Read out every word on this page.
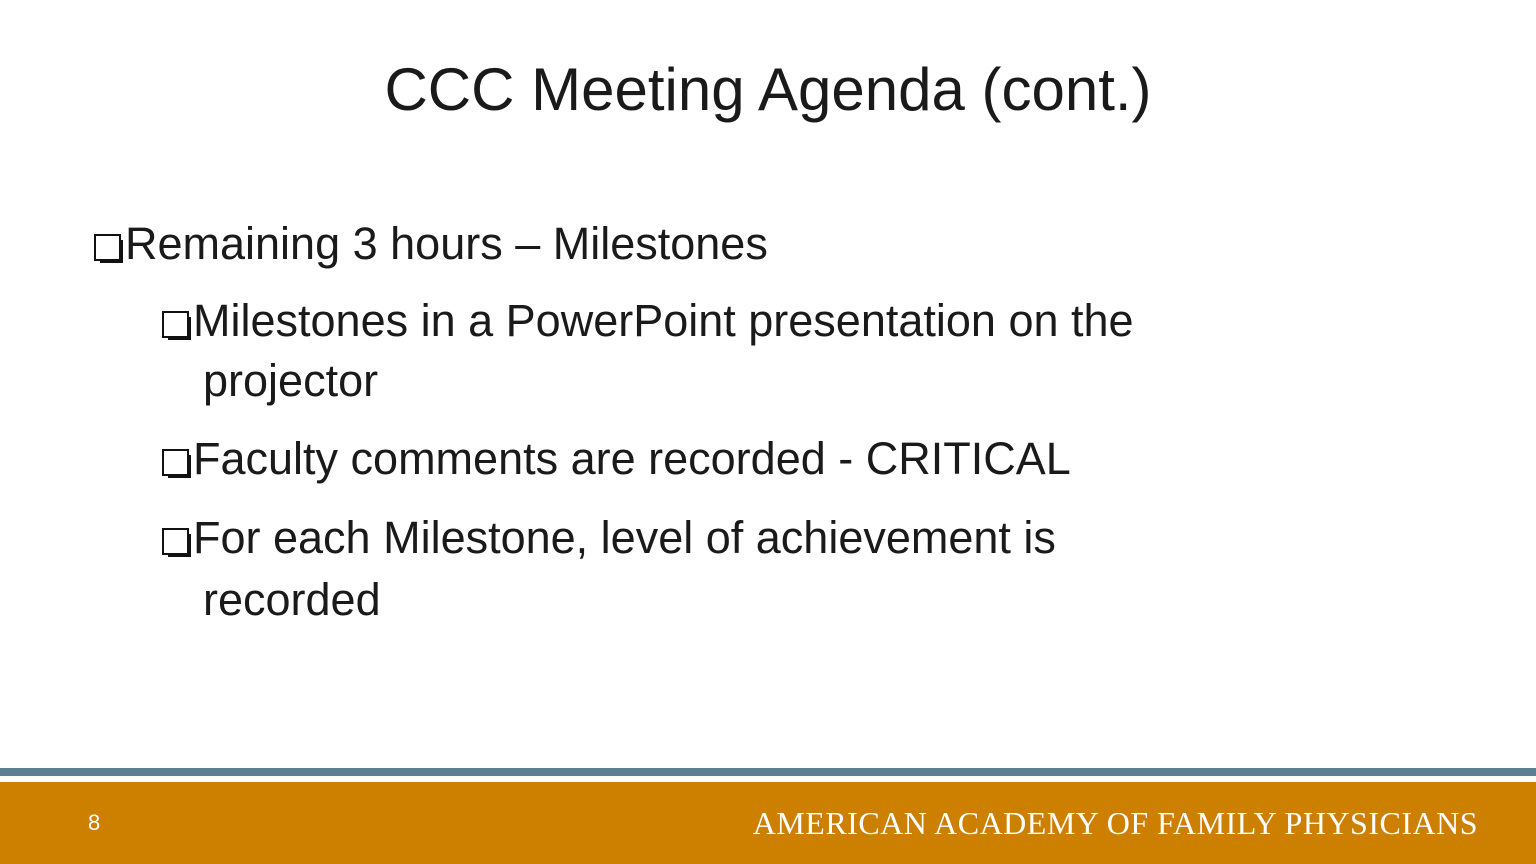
CCC Meeting Agenda (cont.)
Remaining 3 hours – Milestones
Milestones in a PowerPoint presentation on the
projector
Faculty comments are recorded - CRITICAL
For each Milestone, level of achievement is
recorded
8	AMERICAN ACADEMY OF FAMILY PHYSICIANS
